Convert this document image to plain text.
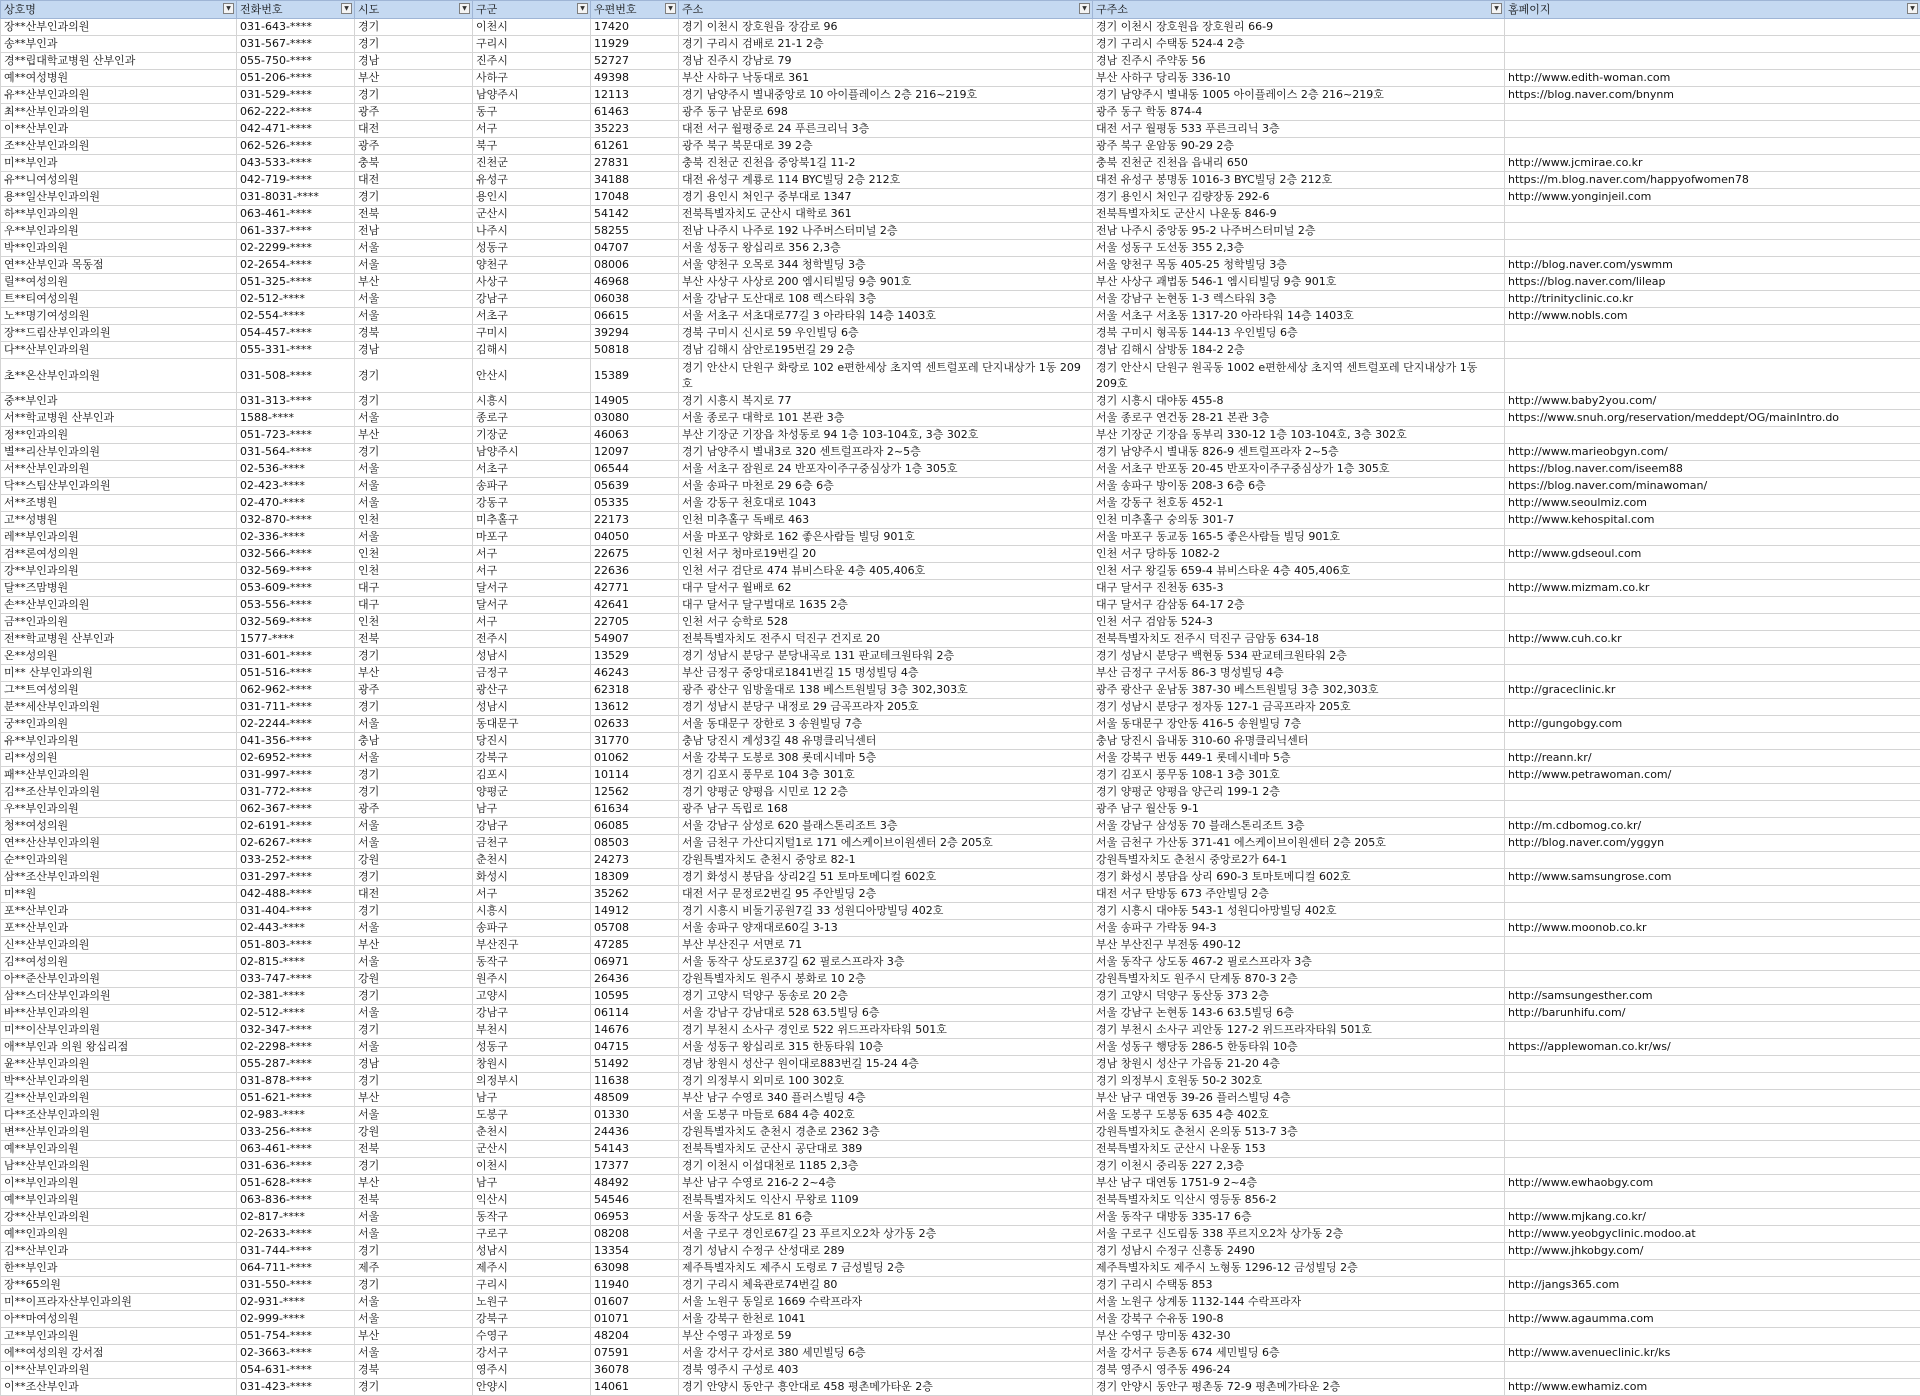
상호명 ▼	전화번호 ▼	시도 ▼	구군 ▼	우편번호 ▼	주소 ▼	구주소 ▼	홈페이지 ▼

장**산부인과의원	031-643-****	경기	이천시	17420	경기 이천시 장호원읍 장감로 96	경기 이천시 장호원읍 장호원리 66-9	
송**부인과	031-567-****	경기	구리시	11929	경기 구리시 검배로 21-1 2층	경기 구리시 수택동 524-4 2층	
경**립대학교병원 산부인과	055-750-****	경남	진주시	52727	경남 진주시 강남로 79	경남 진주시 주약동 56	
예**여성병원	051-206-****	부산	사하구	49398	부산 사하구 낙동대로 361	부산 사하구 당리동 336-10	http://www.edith-woman.com
유**산부인과의원	031-529-****	경기	남양주시	12113	경기 남양주시 별내중앙로 10 아이플레이스 2층 216~219호	경기 남양주시 별내동 1005 아이플레이스 2층 216~219호	https://blog.naver.com/bnynm
최**산부인과의원	062-222-****	광주	동구	61463	광주 동구 남문로 698	광주 동구 학동 874-4	
이**산부인과	042-471-****	대전	서구	35223	대전 서구 월평중로 24 푸른크리닉 3층	대전 서구 월평동 533 푸른크리닉 3층	
조**산부인과의원	062-526-****	광주	북구	61261	광주 북구 북문대로 39 2층	광주 북구 운암동 90-29 2층	
미**부인과	043-533-****	충북	진천군	27831	충북 진천군 진천읍 중앙북1길 11-2	충북 진천군 진천읍 읍내리 650	http://www.jcmirae.co.kr
유**니여성의원	042-719-****	대전	유성구	34188	대전 유성구 계룡로 114 BYC빌딩 2층 212호	대전 유성구 봉명동 1016-3 BYC빌딩 2층 212호	https://m.blog.naver.com/happyofwomen78
용**일산부인과의원	031-8031-****	경기	용인시	17048	경기 용인시 처인구 중부대로 1347	경기 용인시 처인구 김량장동 292-6	http://www.yonginjeil.com
하**부인과의원	063-461-****	전북	군산시	54142	전북특별자치도 군산시 대학로 361	전북특별자치도 군산시 나운동 846-9	
우**부인과의원	061-337-****	전남	나주시	58255	전남 나주시 나주로 192 나주버스터미널 2층	전남 나주시 중앙동 95-2 나주버스터미널 2층	
박**인과의원	02-2299-****	서울	성동구	04707	서울 성동구 왕십리로 356 2,3층	서울 성동구 도선동 355 2,3층	
연**산부인과 목동점	02-2654-****	서울	양천구	08006	서울 양천구 오목로 344 청학빌딩 3층	서울 양천구 목동 405-25 청학빌딩 3층	http://blog.naver.com/yswmm
릴**여성의원	051-325-****	부산	사상구	46968	부산 사상구 사상로 200 엠시티빌딩 9층 901호	부산 사상구 괘법동 546-1 엠시티빌딩 9층 901호	https://blog.naver.com/lileap
트**티여성의원	02-512-****	서울	강남구	06038	서울 강남구 도산대로 108 렉스타워 3층	서울 강남구 논현동 1-3 렉스타워 3층	http://trinityclinic.co.kr
노**명기여성의원	02-554-****	서울	서초구	06615	서울 서초구 서초대로77길 3 아라타워 14층 1403호	서울 서초구 서초동 1317-20 아라타워 14층 1403호	http://www.nobls.com
장**드림산부인과의원	054-457-****	경북	구미시	39294	경북 구미시 신시로 59 우인빌딩 6층	경북 구미시 형곡동 144-13 우인빌딩 6층	
다**산부인과의원	055-331-****	경남	김해시	50818	경남 김해시 삼안로195번길 29 2층	경남 김해시 삼방동 184-2 2층	
초**온산부인과의원	031-508-****	경기	안산시	15389	경기 안산시 단원구 화랑로 102 e편한세상 초지역 센트럴포레 단지내상가 1동 209호	경기 안산시 단원구 원곡동 1002 e편한세상 초지역 센트럴포레 단지내상가 1동 209호	
중**부인과	031-313-****	경기	시흥시	14905	경기 시흥시 복지로 77	경기 시흥시 대야동 455-8	http://www.baby2you.com/
서**학교병원 산부인과	1588-****	서울	종로구	03080	서울 종로구 대학로 101 본관 3층	서울 종로구 연건동 28-21 본관 3층	https://www.snuh.org/reservation/meddept/OG/mainIntro.do
정**인과의원	051-723-****	부산	기장군	46063	부산 기장군 기장읍 차성동로 94 1층 103-104호, 3층 302호	부산 기장군 기장읍 동부리 330-12 1층 103-104호, 3층 302호	
별**리산부인과의원	031-564-****	경기	남양주시	12097	경기 남양주시 별내3로 320 센트럴프라자 2~5층	경기 남양주시 별내동 826-9 센트럴프라자 2~5층	http://www.marieobgyn.com/
서**산부인과의원	02-536-****	서울	서초구	06544	서울 서초구 잠원로 24 반포자이주구중심상가 1층 305호	서울 서초구 반포동 20-45 반포자이주구중심상가 1층 305호	https://blog.naver.com/iseem88
닥**스팀산부인과의원	02-423-****	서울	송파구	05639	서울 송파구 마천로 29 6층 6층	서울 송파구 방이동 208-3 6층 6층	https://blog.naver.com/minawoman/
서**조병원	02-470-****	서울	강동구	05335	서울 강동구 천호대로 1043	서울 강동구 천호동 452-1	http://www.seoulmiz.com
고**성병원	032-870-****	인천	미추홀구	22173	인천 미추홀구 독배로 463	인천 미추홀구 숭의동 301-7	http://www.kehospital.com
레**부인과의원	02-336-****	서울	마포구	04050	서울 마포구 양화로 162 좋은사람들 빌딩 901호	서울 마포구 동교동 165-5 좋은사람들 빌딩 901호	
검**론여성의원	032-566-****	인천	서구	22675	인천 서구 청마로19번길 20	인천 서구 당하동 1082-2	http://www.gdseoul.com
강**부인과의원	032-569-****	인천	서구	22636	인천 서구 검단로 474 뷰비스타운 4층 405,406호	인천 서구 왕길동 659-4 뷰비스타운 4층 405,406호	
달**즈맘병원	053-609-****	대구	달서구	42771	대구 달서구 월배로 62	대구 달서구 진천동 635-3	http://www.mizmam.co.kr
손**산부인과의원	053-556-****	대구	달서구	42641	대구 달서구 달구벌대로 1635 2층	대구 달서구 감삼동 64-17 2층	
금**인과의원	032-569-****	인천	서구	22705	인천 서구 승학로 528	인천 서구 검암동 524-3	
전**학교병원 산부인과	1577-****	전북	전주시	54907	전북특별자치도 전주시 덕진구 건지로 20	전북특별자치도 전주시 덕진구 금암동 634-18	http://www.cuh.co.kr
온**성의원	031-601-****	경기	성남시	13529	경기 성남시 분당구 분당내곡로 131 판교테크원타워 2층	경기 성남시 분당구 백현동 534 판교테크원타워 2층	
미** 산부인과의원	051-516-****	부산	금정구	46243	부산 금정구 중앙대로1841번길 15 명성빌딩 4층	부산 금정구 구서동 86-3 명성빌딩 4층	
그**트여성의원	062-962-****	광주	광산구	62318	광주 광산구 임방울대로 138 베스트원빌딩 3층 302,303호	광주 광산구 운남동 387-30 베스트원빌딩 3층 302,303호	http://graceclinic.kr
분**세산부인과의원	031-711-****	경기	성남시	13612	경기 성남시 분당구 내정로 29 금곡프라자 205호	경기 성남시 분당구 정자동 127-1 금곡프라자 205호	
궁**인과의원	02-2244-****	서울	동대문구	02633	서울 동대문구 장한로 3 송원빌딩 7층	서울 동대문구 장안동 416-5 송원빌딩 7층	http://gungobgy.com
유**부인과의원	041-356-****	충남	당진시	31770	충남 당진시 계성3길 48 유명클리닉센터	충남 당진시 읍내동 310-60 유명클리닉센터	
리**성의원	02-6952-****	서울	강북구	01062	서울 강북구 도봉로 308 롯데시네마 5층	서울 강북구 번동 449-1 롯데시네마 5층	http://reann.kr/
패**산부인과의원	031-997-****	경기	김포시	10114	경기 김포시 풍무로 104 3층 301호	경기 김포시 풍무동 108-1 3층 301호	http://www.petrawoman.com/
김**조산부인과의원	031-772-****	경기	양평군	12562	경기 양평군 양평읍 시민로 12 2층	경기 양평군 양평읍 양근리 199-1 2층	
우**부인과의원	062-367-****	광주	남구	61634	광주 남구 독립로 168	광주 남구 월산동 9-1	
청**여성의원	02-6191-****	서울	강남구	06085	서울 강남구 삼성로 620 블래스톤리조트 3층	서울 강남구 삼성동 70 블래스톤리조트 3층	http://m.cdbomog.co.kr/
연**산산부인과의원	02-6267-****	서울	금천구	08503	서울 금천구 가산디지털1로 171 에스케이브이원센터 2층 205호	서울 금천구 가산동 371-41 에스케이브이원센터 2층 205호	http://blog.naver.com/yggyn
순**인과의원	033-252-****	강원	춘천시	24273	강원특별자치도 춘천시 중앙로 82-1	강원특별자치도 춘천시 중앙로2가 64-1	
삼**조산부인과의원	031-297-****	경기	화성시	18309	경기 화성시 봉담읍 상리2길 51 토마토메디컬 602호	경기 화성시 봉담읍 상리 690-3 토마토메디컬 602호	http://www.samsungrose.com
미**원	042-488-****	대전	서구	35262	대전 서구 문정로2번길 95 주안빌딩 2층	대전 서구 탄방동 673 주안빌딩 2층	
포**산부인과	031-404-****	경기	시흥시	14912	경기 시흥시 비둘기공원7길 33 성원디아망빌딩 402호	경기 시흥시 대야동 543-1 성원디아망빌딩 402호	
포**산부인과	02-443-****	서울	송파구	05708	서울 송파구 양재대로60길 3-13	서울 송파구 가락동 94-3	http://www.moonob.co.kr
신**산부인과의원	051-803-****	부산	부산진구	47285	부산 부산진구 서면로 71	부산 부산진구 부전동 490-12	
김**여성의원	02-815-****	서울	동작구	06971	서울 동작구 상도로37길 62 필로스프라자 3층	서울 동작구 상도동 467-2 필로스프라자 3층	
아**준산부인과의원	033-747-****	강원	원주시	26436	강원특별자치도 원주시 봉화로 10 2층	강원특별자치도 원주시 단계동 870-3 2층	
삼**스더산부인과의원	02-381-****	경기	고양시	10595	경기 고양시 덕양구 동송로 20 2층	경기 고양시 덕양구 동산동 373 2층	http://samsungesther.com
바**산부인과의원	02-512-****	서울	강남구	06114	서울 강남구 강남대로 528 63.5빌딩 6층	서울 강남구 논현동 143-6 63.5빌딩 6층	http://barunhifu.com/
미**이산부인과의원	032-347-****	경기	부천시	14676	경기 부천시 소사구 경인로 522 위드프라자타워 501호	경기 부천시 소사구 괴안동 127-2 위드프라자타워 501호	
애**부인과 의원 왕십리점	02-2298-****	서울	성동구	04715	서울 성동구 왕십리로 315 한동타워 10층	서울 성동구 행당동 286-5 한동타워 10층	https://applewoman.co.kr/ws/
윤**산부인과의원	055-287-****	경남	창원시	51492	경남 창원시 성산구 원이대로883번길 15-24 4층	경남 창원시 성산구 가음동 21-20 4층	
박**산부인과의원	031-878-****	경기	의정부시	11638	경기 의정부시 외미로 100 302호	경기 의정부시 호원동 50-2 302호	
길**산부인과의원	051-621-****	부산	남구	48509	부산 남구 수영로 340 플러스빌딩 4층	부산 남구 대연동 39-26 플러스빌딩 4층	
다**조산부인과의원	02-983-****	서울	도봉구	01330	서울 도봉구 마들로 684 4층 402호	서울 도봉구 도봉동 635 4층 402호	
변**산부인과의원	033-256-****	강원	춘천시	24436	강원특별자치도 춘천시 경춘로 2362 3층	강원특별자치도 춘천시 온의동 513-7 3층	
예**부인과의원	063-461-****	전북	군산시	54143	전북특별자치도 군산시 공단대로 389	전북특별자치도 군산시 나운동 153	
남**산부인과의원	031-636-****	경기	이천시	17377	경기 이천시 이섭대천로 1185 2,3층	경기 이천시 중리동 227 2,3층	
이**부인과의원	051-628-****	부산	남구	48492	부산 남구 수영로 216-2 2~4층	부산 남구 대연동 1751-9 2~4층	http://www.ewhaobgy.com
예**부인과의원	063-836-****	전북	익산시	54546	전북특별자치도 익산시 무왕로 1109	전북특별자치도 익산시 영등동 856-2	
강**산부인과의원	02-817-****	서울	동작구	06953	서울 동작구 상도로 81 6층	서울 동작구 대방동 335-17 6층	http://www.mjkang.co.kr/
예**인과의원	02-2633-****	서울	구로구	08208	서울 구로구 경인로67길 23 푸르지오2차 상가동 2층	서울 구로구 신도림동 338 푸르지오2차 상가동 2층	http://www.yeobgyclinic.modoo.at
김**산부인과	031-744-****	경기	성남시	13354	경기 성남시 수정구 산성대로 289	경기 성남시 수정구 신흥동 2490	http://www.jhkobgy.com/
한**부인과	064-711-****	제주	제주시	63098	제주특별자치도 제주시 도령로 7 금성빌딩 2층	제주특별자치도 제주시 노형동 1296-12 금성빌딩 2층	
장**65의원	031-550-****	경기	구리시	11940	경기 구리시 체육관로74번길 80	경기 구리시 수택동 853	http://jangs365.com
미**이프라자산부인과의원	02-931-****	서울	노원구	01607	서울 노원구 동일로 1669 수락프라자	서울 노원구 상계동 1132-144 수락프라자	
아**마여성의원	02-999-****	서울	강북구	01071	서울 강북구 한천로 1041	서울 강북구 수유동 190-8	http://www.agaumma.com
고**부인과의원	051-754-****	부산	수영구	48204	부산 수영구 과정로 59	부산 수영구 망미동 432-30	
에**여성의원 강서점	02-3663-****	서울	강서구	07591	서울 강서구 강서로 380 세민빌딩 6층	서울 강서구 등촌동 674 세민빌딩 6층	http://www.avenueclinic.kr/ks
이**산부인과의원	054-631-****	경북	영주시	36078	경북 영주시 구성로 403	경북 영주시 영주동 496-24	
이**조산부인과	031-423-****	경기	안양시	14061	경기 안양시 동안구 흥안대로 458 평촌메가타운 2층	경기 안양시 동안구 평촌동 72-9 평촌메가타운 2층	http://www.ewhamiz.com
